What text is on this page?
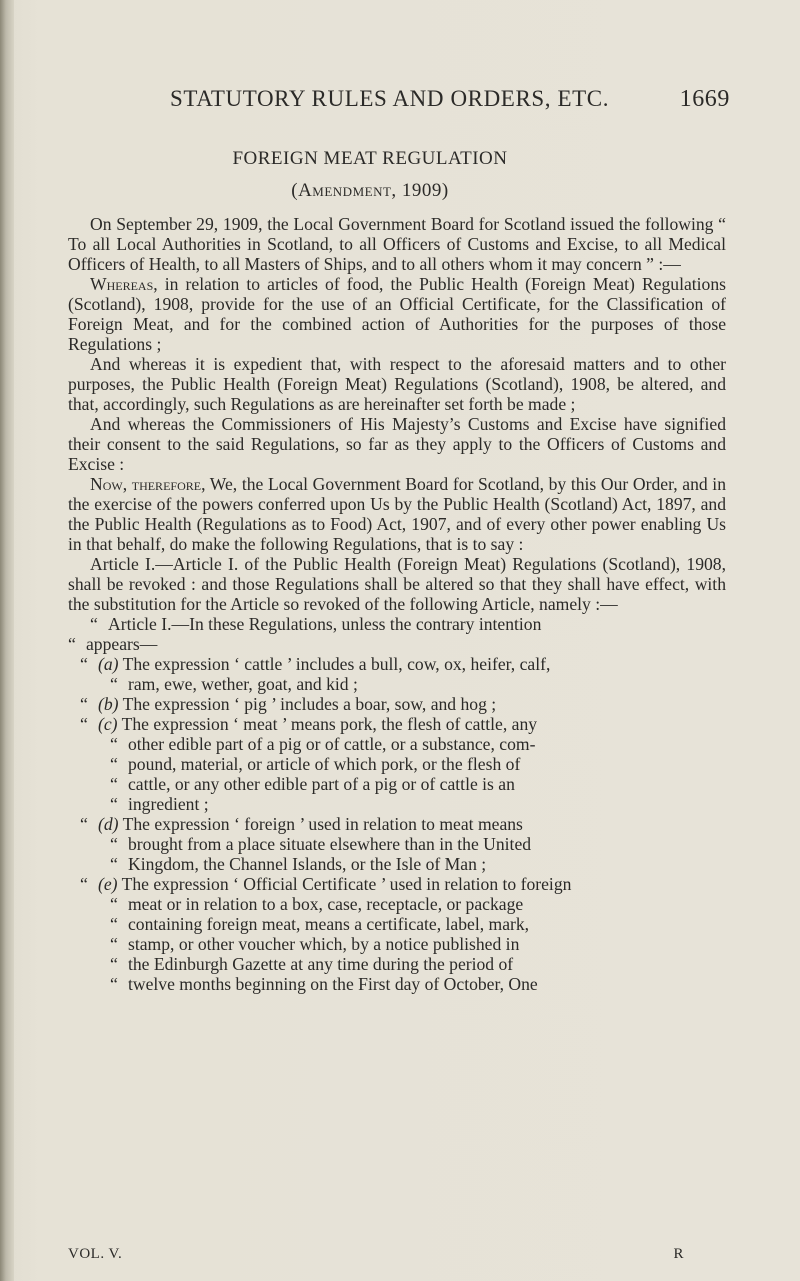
STATUTORY RULES AND ORDERS, ETC.	1669
FOREIGN MEAT REGULATION
(Amendment, 1909)

On September 29, 1909, the Local Government Board for Scotland issued the following “ To all Local Authorities in Scotland, to all Officers of Customs and Excise, to all Medical Officers of Health, to all Masters of Ships, and to all others whom it may concern ” :—

Whereas, in relation to articles of food, the Public Health (Foreign Meat) Regulations (Scotland), 1908, provide for the use of an Official Certificate, for the Classification of Foreign Meat, and for the combined action of Authorities for the purposes of those Regulations ;

And whereas it is expedient that, with respect to the aforesaid matters and to other purposes, the Public Health (Foreign Meat) Regulations (Scotland), 1908, be altered, and that, accordingly, such Regulations as are hereinafter set forth be made ;

And whereas the Commissioners of His Majesty’s Customs and Excise have signified their consent to the said Regulations, so far as they apply to the Officers of Customs and Excise :

Now, therefore, We, the Local Government Board for Scotland, by this Our Order, and in the exercise of the powers conferred upon Us by the Public Health (Scotland) Act, 1897, and the Public Health (Regulations as to Food) Act, 1907, and of every other power enabling Us in that behalf, do make the following Regulations, that is to say :

Article I.—Article I. of the Public Health (Foreign Meat) Regulations (Scotland), 1908, shall be revoked : and those Regulations shall be altered so that they shall have effect, with the substitution for the Article so revoked of the following Article, namely :—

“ Article I.—In these Regulations, unless the contrary intention
“ appears—
“ (a) The expression ‘ cattle ’ includes a bull, cow, ox, heifer, calf,
“ ram, ewe, wether, goat, and kid ;
“ (b) The expression ‘ pig ’ includes a boar, sow, and hog ;
“ (c) The expression ‘ meat ’ means pork, the flesh of cattle, any
“ other edible part of a pig or of cattle, or a substance, com-
“ pound, material, or article of which pork, or the flesh of
“ cattle, or any other edible part of a pig or of cattle is an
“ ingredient ;
“ (d) The expression ‘ foreign ’ used in relation to meat means
“ brought from a place situate elsewhere than in the United
“ Kingdom, the Channel Islands, or the Isle of Man ;
“ (e) The expression ‘ Official Certificate ’ used in relation to foreign
“ meat or in relation to a box, case, receptacle, or package
“ containing foreign meat, means a certificate, label, mark,
“ stamp, or other voucher which, by a notice published in
“ the Edinburgh Gazette at any time during the period of
“ twelve months beginning on the First day of October, One
VOL. V.	R
